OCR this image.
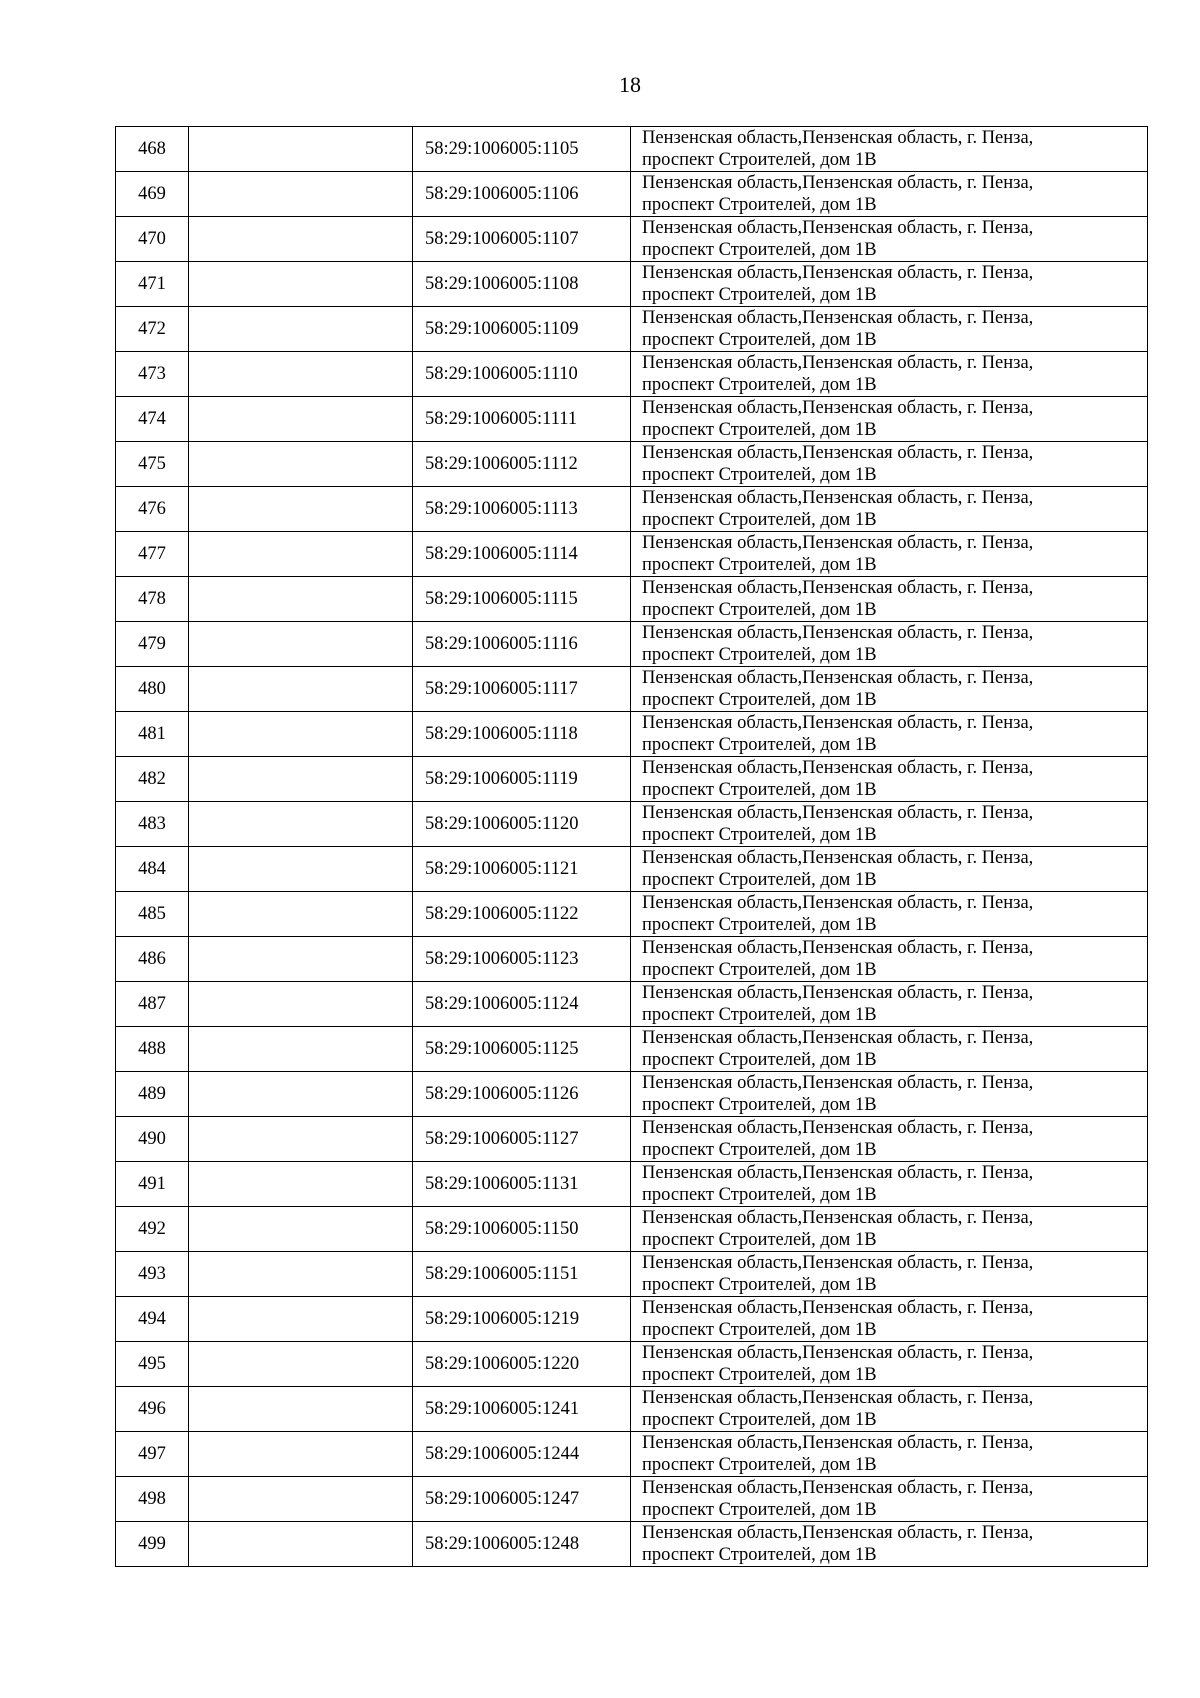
18
468		58:29:1006005:1105	Пензенская область,Пензенская область, г. Пенза,
проспект Строителей, дом 1В

469		58:29:1006005:1106	Пензенская область,Пензенская область, г. Пенза,
проспект Строителей, дом 1В

470		58:29:1006005:1107	Пензенская область,Пензенская область, г. Пенза,
проспект Строителей, дом 1В

471		58:29:1006005:1108	Пензенская область,Пензенская область, г. Пенза,
проспект Строителей, дом 1В

472		58:29:1006005:1109	Пензенская область,Пензенская область, г. Пенза,
проспект Строителей, дом 1В

473		58:29:1006005:1110	Пензенская область,Пензенская область, г. Пенза,
проспект Строителей, дом 1В

474		58:29:1006005:1111	Пензенская область,Пензенская область, г. Пенза,
проспект Строителей, дом 1В

475		58:29:1006005:1112	Пензенская область,Пензенская область, г. Пенза,
проспект Строителей, дом 1В

476		58:29:1006005:1113	Пензенская область,Пензенская область, г. Пенза,
проспект Строителей, дом 1В

477		58:29:1006005:1114	Пензенская область,Пензенская область, г. Пенза,
проспект Строителей, дом 1В

478		58:29:1006005:1115	Пензенская область,Пензенская область, г. Пенза,
проспект Строителей, дом 1В

479		58:29:1006005:1116	Пензенская область,Пензенская область, г. Пенза,
проспект Строителей, дом 1В

480		58:29:1006005:1117	Пензенская область,Пензенская область, г. Пенза,
проспект Строителей, дом 1В

481		58:29:1006005:1118	Пензенская область,Пензенская область, г. Пенза,
проспект Строителей, дом 1В

482		58:29:1006005:1119	Пензенская область,Пензенская область, г. Пенза,
проспект Строителей, дом 1В

483		58:29:1006005:1120	Пензенская область,Пензенская область, г. Пенза,
проспект Строителей, дом 1В

484		58:29:1006005:1121	Пензенская область,Пензенская область, г. Пенза,
проспект Строителей, дом 1В

485		58:29:1006005:1122	Пензенская область,Пензенская область, г. Пенза,
проспект Строителей, дом 1В

486		58:29:1006005:1123	Пензенская область,Пензенская область, г. Пенза,
проспект Строителей, дом 1В

487		58:29:1006005:1124	Пензенская область,Пензенская область, г. Пенза,
проспект Строителей, дом 1В

488		58:29:1006005:1125	Пензенская область,Пензенская область, г. Пенза,
проспект Строителей, дом 1В

489		58:29:1006005:1126	Пензенская область,Пензенская область, г. Пенза,
проспект Строителей, дом 1В

490		58:29:1006005:1127	Пензенская область,Пензенская область, г. Пенза,
проспект Строителей, дом 1В

491		58:29:1006005:1131	Пензенская область,Пензенская область, г. Пенза,
проспект Строителей, дом 1В

492		58:29:1006005:1150	Пензенская область,Пензенская область, г. Пенза,
проспект Строителей, дом 1В

493		58:29:1006005:1151	Пензенская область,Пензенская область, г. Пенза,
проспект Строителей, дом 1В

494		58:29:1006005:1219	Пензенская область,Пензенская область, г. Пенза,
проспект Строителей, дом 1В

495		58:29:1006005:1220	Пензенская область,Пензенская область, г. Пенза,
проспект Строителей, дом 1В

496		58:29:1006005:1241	Пензенская область,Пензенская область, г. Пенза,
проспект Строителей, дом 1В

497		58:29:1006005:1244	Пензенская область,Пензенская область, г. Пенза,
проспект Строителей, дом 1В

498		58:29:1006005:1247	Пензенская область,Пензенская область, г. Пенза,
проспект Строителей, дом 1В

499		58:29:1006005:1248	Пензенская область,Пензенская область, г. Пенза,
проспект Строителей, дом 1В
